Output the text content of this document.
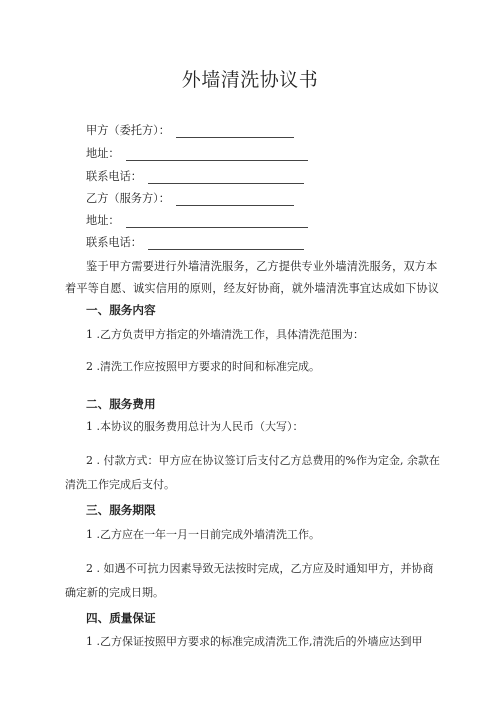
外墙清洗协议书
甲方（委托方）：
地址：
联系电话：
乙方（服务方）：
地址：
联系电话：
鉴于甲方需要进行外墙清洗服务，乙方提供专业外墙清洗服务，双方本着平等自愿、诚实信用的原则，经友好协商，就外墙清洗事宜达成如下协议
一、服务内容
1 .乙方负责甲方指定的外墙清洗工作，具体清洗范围为：
2 .清洗工作应按照甲方要求的时间和标准完成。
二、服务费用
1 .本协议的服务费用总计为人民币（大写）：
2 . 付款方式：甲方应在协议签订后支付乙方总费用的%作为定金, 余款在清洗工作完成后支付。
三、服务期限
1 .乙方应在一年一月一日前完成外墙清洗工作。
2 . 如遇不可抗力因素导致无法按时完成，乙方应及时通知甲方，并协商确定新的完成日期。
四、质量保证
1 .乙方保证按照甲方要求的标准完成清洗工作,清洗后的外墙应达到甲
